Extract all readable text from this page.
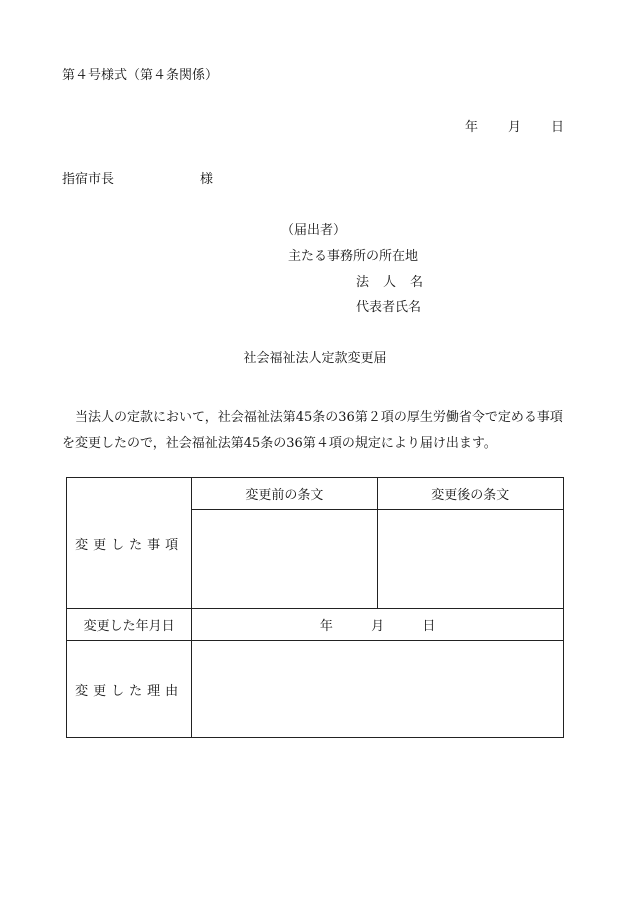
第４号様式（第４条関係）
年 月 日
指宿市長	様
（届出者）
主たる事務所の所在地
法人名
代表者氏名
社会福祉法人定款変更届
当法人の定款において，社会福祉法第45条の36第２項の厚生労働省令で定める事項を変更したので，社会福祉法第45条の36第４項の規定により届け出ます。
変更した事項	変更前の条文	変更後の条文

変更した年月日	年 月 日	
変更した理由		
